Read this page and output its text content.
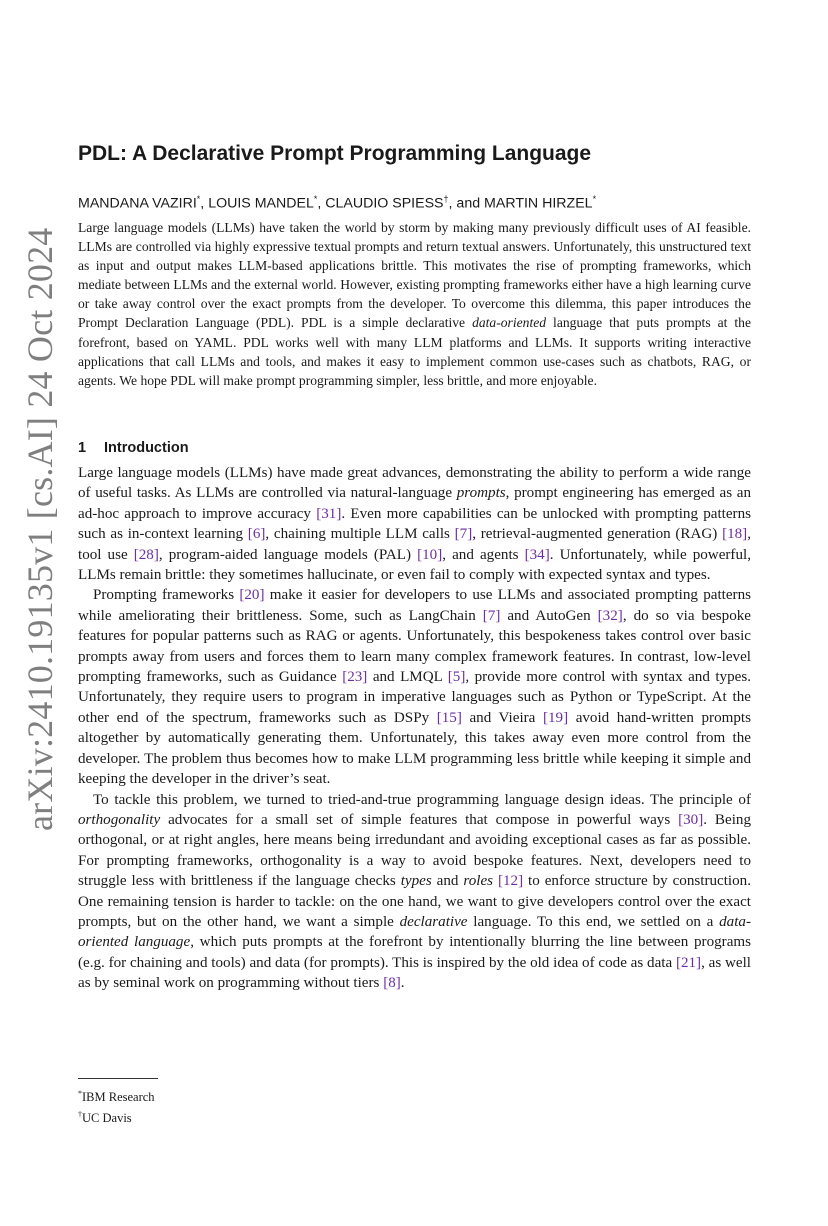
arXiv:2410.19135v1 [cs.AI] 24 Oct 2024
PDL: A Declarative Prompt Programming Language
MANDANA VAZIRI*, LOUIS MANDEL*, CLAUDIO SPIESS†, and MARTIN HIRZEL*

Large language models (LLMs) have taken the world by storm by making many previously difficult uses of AI feasible. LLMs are controlled via highly expressive textual prompts and return textual answers. Unfortunately, this unstructured text as input and output makes LLM-based applications brittle. This motivates the rise of prompting frameworks, which mediate between LLMs and the external world. However, existing prompting frameworks either have a high learning curve or take away control over the exact prompts from the developer. To overcome this dilemma, this paper introduces the Prompt Declaration Language (PDL). PDL is a simple declarative data-oriented language that puts prompts at the forefront, based on YAML. PDL works well with many LLM platforms and LLMs. It supports writing interactive applications that call LLMs and tools, and makes it easy to implement common use-cases such as chatbots, RAG, or agents. We hope PDL will make prompt programming simpler, less brittle, and more enjoyable.

1 Introduction

Large language models (LLMs) have made great advances, demonstrating the ability to perform a wide range of useful tasks. As LLMs are controlled via natural-language prompts, prompt engineering has emerged as an ad-hoc approach to improve accuracy [31]. Even more capabilities can be unlocked with prompting patterns such as in-context learning [6], chaining multiple LLM calls [7], retrieval-augmented generation (RAG) [18], tool use [28], program-aided language models (PAL) [10], and agents [34]. Unfortunately, while powerful, LLMs remain brittle: they sometimes hallucinate, or even fail to comply with expected syntax and types.

Prompting frameworks [20] make it easier for developers to use LLMs and associated prompting patterns while ameliorating their brittleness. Some, such as LangChain [7] and AutoGen [32], do so via bespoke features for popular patterns such as RAG or agents. Unfortunately, this bespokeness takes control over basic prompts away from users and forces them to learn many complex framework features. In contrast, low-level prompting frameworks, such as Guidance [23] and LMQL [5], provide more control with syntax and types. Unfortunately, they require users to program in imperative languages such as Python or TypeScript. At the other end of the spectrum, frameworks such as DSPy [15] and Vieira [19] avoid hand-written prompts altogether by automatically generating them. Unfortunately, this takes away even more control from the developer. The problem thus becomes how to make LLM programming less brittle while keeping it simple and keeping the developer in the driver’s seat.

To tackle this problem, we turned to tried-and-true programming language design ideas. The principle of orthogonality advocates for a small set of simple features that compose in powerful ways [30]. Being orthogonal, or at right angles, here means being irredundant and avoiding exceptional cases as far as possible. For prompting frameworks, orthogonality is a way to avoid bespoke features. Next, developers need to struggle less with brittleness if the language checks types and roles [12] to enforce structure by construction. One remaining tension is harder to tackle: on the one hand, we want to give developers control over the exact prompts, but on the other hand, we want a simple declarative language. To this end, we settled on a data-oriented language, which puts prompts at the forefront by intentionally blurring the line between programs (e.g. for chaining and tools) and data (for prompts). This is inspired by the old idea of code as data [21], as well as by seminal work on programming without tiers [8].

*IBM Research
†UC Davis
